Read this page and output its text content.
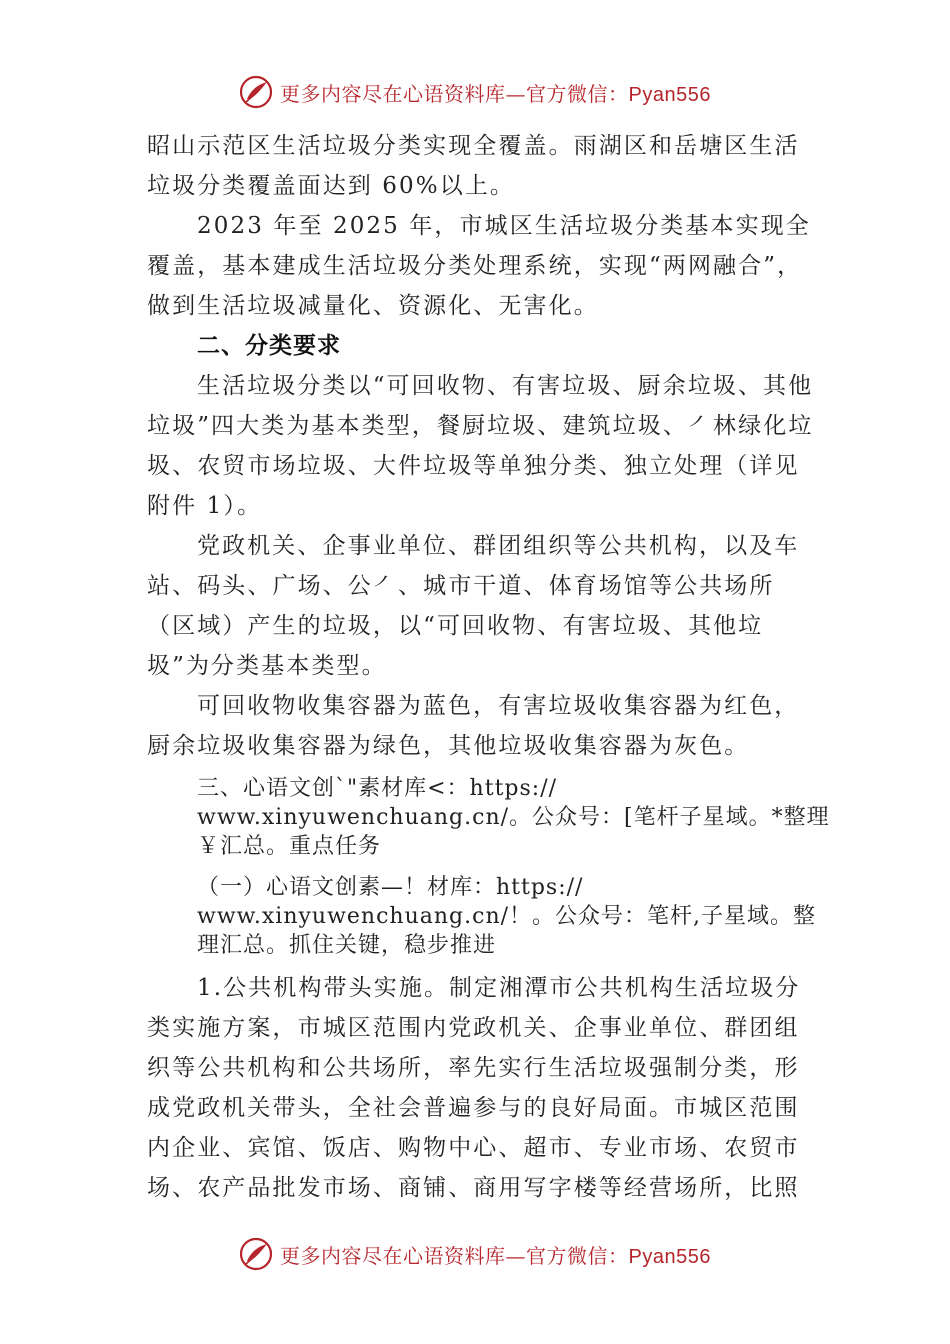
更多内容尽在心语资料库—官方微信：Pyan556

昭山示范区生活垃圾分类实现全覆盖。雨湖区和岳塘区生活

垃圾分类覆盖面达到 60%以上。

2023 年至 2025 年，市城区生活垃圾分类基本实现全覆盖，基本建成生活垃圾分类处理系统，实现“两网融合”，做到生活垃圾减量化、资源化、无害化。

二、分类要求

生活垃圾分类以“可回收物、有害垃圾、厨余垃圾、其他垃圾”四大类为基本类型，餐厨垃圾、建筑垃圾、㇒林绿化垃圾、农贸市场垃圾、大件垃圾等单独分类、独立处理（详见附件 1）。

党政机关、企事业单位、群团组织等公共机构，以及车站、码头、广场、公㇒、城市干道、体育场馆等公共场所（区域）产生的垃圾，以“可回收物、有害垃圾、其他垃圾”为分类基本类型。

可回收物收集容器为蓝色，有害垃圾收集容器为红色，

厨余垃圾收集容器为绿色，其他垃圾收集容器为灰色。

三、心语文创`"素材库<：https://

www.xinyuwenchuang.cn/。公众号：[笔杆子星域。*整理

￥汇总。重点任务

（一）心语文创素—！材库：https://

www.xinyuwenchuang.cn/！。公众号：笔杆,子星域。整

理汇总。抓住关键，稳步推进

1.公共机构带头实施。制定湘潭市公共机构生活垃圾分类实施方案，市城区范围内党政机关、企事业单位、群团组织等公共机构和公共场所，率先实行生活垃圾强制分类，形成党政机关带头，全社会普遍参与的良好局面。市城区范围内企业、宾馆、饭店、购物中心、超市、专业市场、农贸市场、农产品批发市场、商铺、商用写字楼等经营场所，比照

更多内容尽在心语资料库—官方微信：Pyan556
